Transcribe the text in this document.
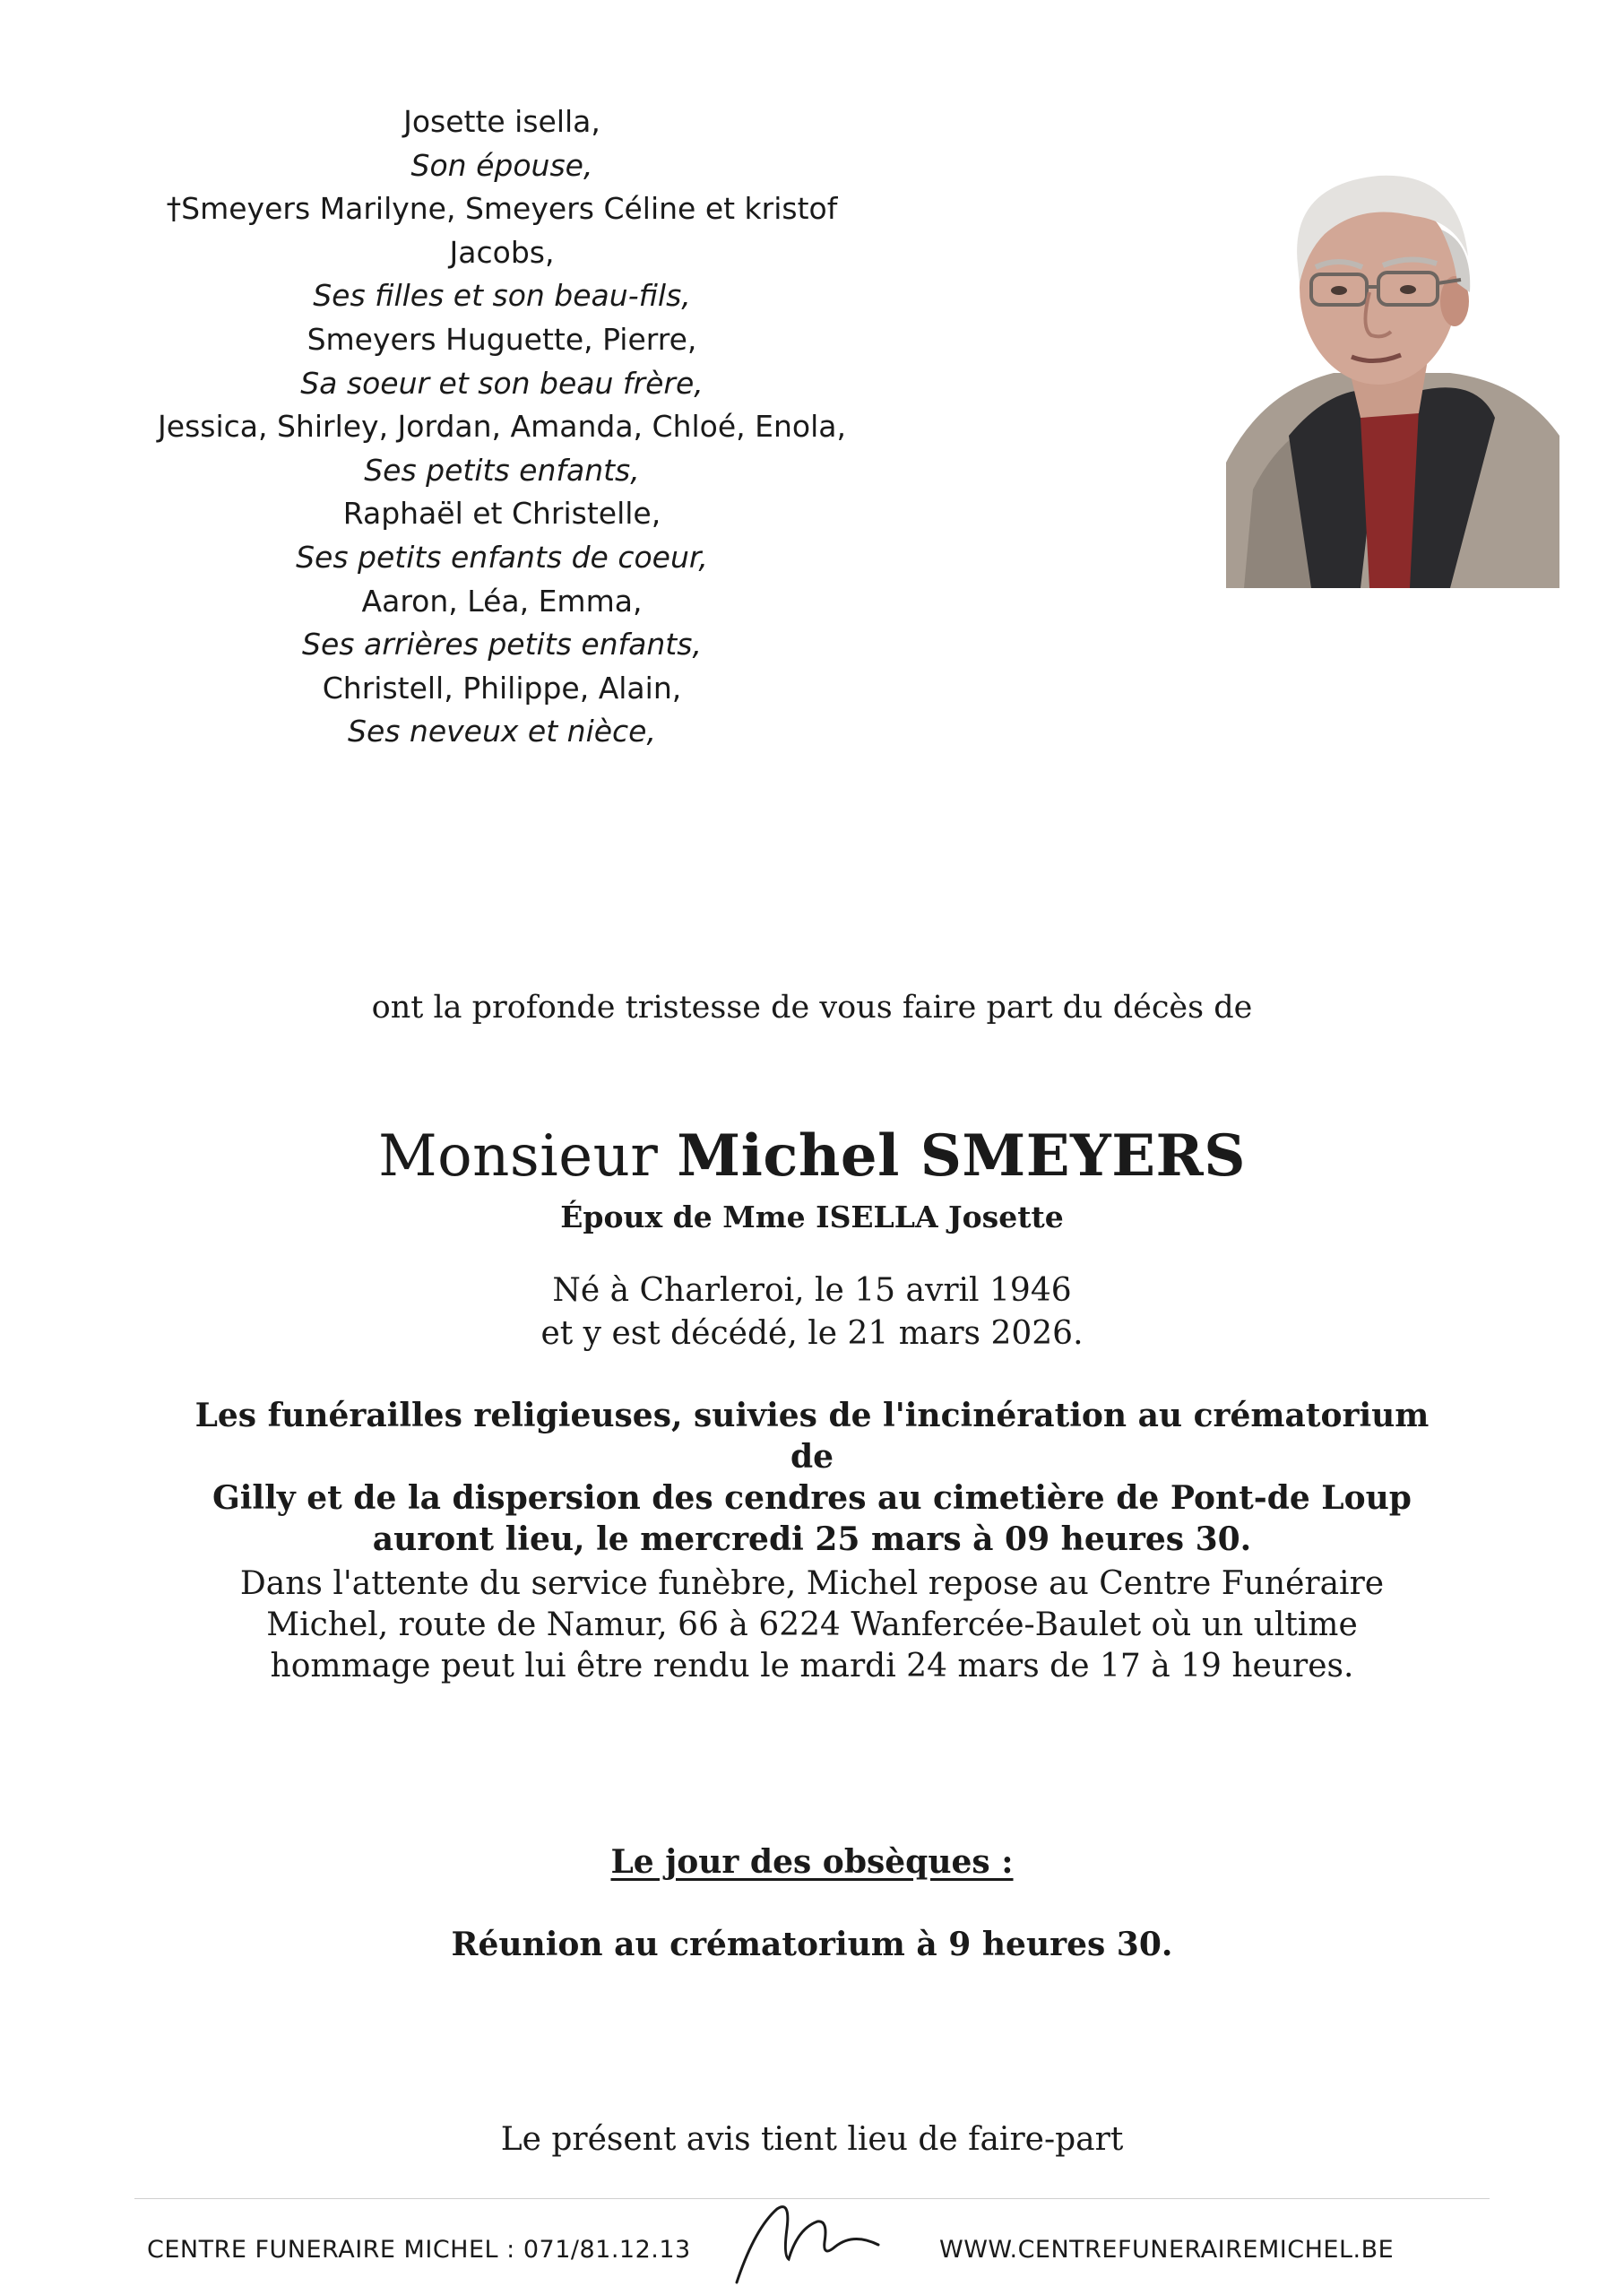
Josette isella,
Son épouse,
†Smeyers Marilyne, Smeyers Céline et kristof
Jacobs,
Ses filles et son beau-fils,
Smeyers Huguette, Pierre,
Sa soeur et son beau frère,
Jessica, Shirley, Jordan, Amanda, Chloé, Enola,
Ses petits enfants,
Raphaël et Christelle,
Ses petits enfants de coeur,
Aaron, Léa, Emma,
Ses arrières petits enfants,
Christell, Philippe, Alain,
Ses neveux et nièce,
ont la profonde tristesse de vous faire part du décès de
Monsieur Michel SMEYERS
Époux de Mme ISELLA Josette
Né à Charleroi, le 15 avril 1946
et y est décédé, le 21 mars 2026.
Les funérailles religieuses, suivies de l'incinération au crématorium de
Gilly et de la dispersion des cendres au cimetière de Pont-de Loup
auront lieu, le mercredi 25 mars à 09 heures 30.
Dans l'attente du service funèbre, Michel repose au Centre Funéraire
Michel, route de Namur, 66 à 6224 Wanfercée-Baulet où un ultime
hommage peut lui être rendu le mardi 24 mars de 17 à 19 heures.
Le jour des obsèques :
Réunion au crématorium à 9 heures 30.
Le présent avis tient lieu de faire-part
CENTRE FUNERAIRE MICHEL : 071/81.12.13	WWW.CENTREFUNERAIREMICHEL.BE
